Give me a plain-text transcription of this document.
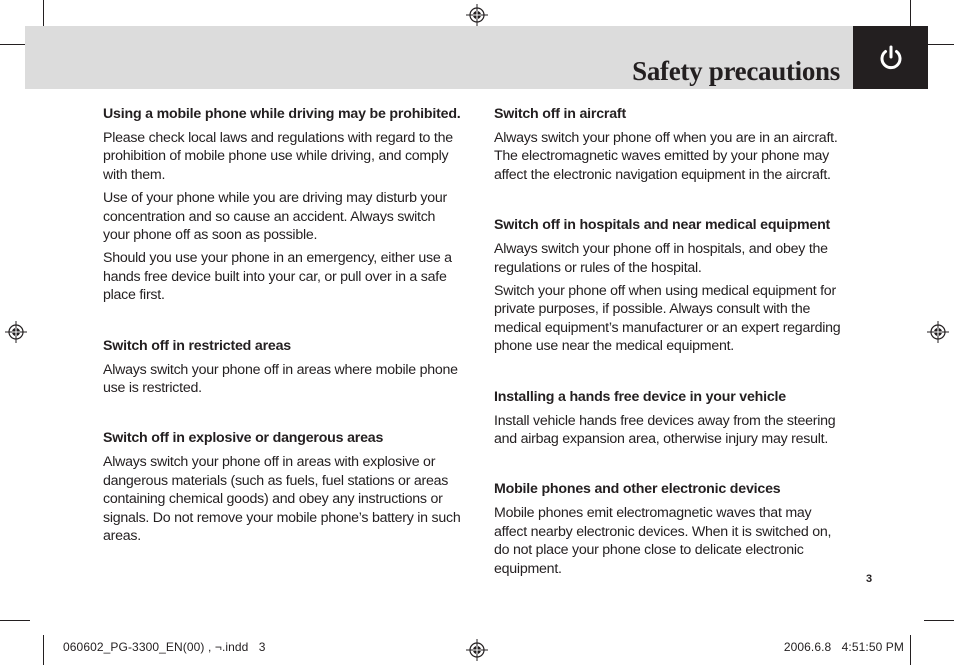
Safety precautions
Using a mobile phone while driving may be prohibited.

Please check local laws and regulations with regard to the prohibition of mobile phone use while driving, and comply with them.

Use of your phone while you are driving may disturb your concentration and so cause an accident. Always switch your phone off as soon as possible.

Should you use your phone in an emergency, either use a hands free device built into your car, or pull over in a safe place first.

Switch off in restricted areas

Always switch your phone off in areas where mobile phone use is restricted.

Switch off in explosive or dangerous areas

Always switch your phone off in areas with explosive or dangerous materials (such as fuels, fuel stations or areas containing chemical goods) and obey any instructions or signals. Do not remove your mobile phone’s battery in such areas.

Switch off in aircraft

Always switch your phone off when you are in an aircraft. The electromagnetic waves emitted by your phone may affect the electronic navigation equipment in the aircraft.

Switch off in hospitals and near medical equipment

Always switch your phone off in hospitals, and obey the regulations or rules of the hospital.

Switch your phone off when using medical equipment for private purposes, if possible. Always consult with the medical equipment’s manufacturer or an expert regarding phone use near the medical equipment.

Installing a hands free device in your vehicle

Install vehicle hands free devices away from the steering and airbag expansion area, otherwise injury may result.

Mobile phones and other electronic devices

Mobile phones emit electromagnetic waves that may affect nearby electronic devices. When it is switched on, do not place your phone close to delicate electronic equipment.

3
060602_PG-3300_EN(00) , ¬.indd   3	2006.6.8   4:51:50 PM
